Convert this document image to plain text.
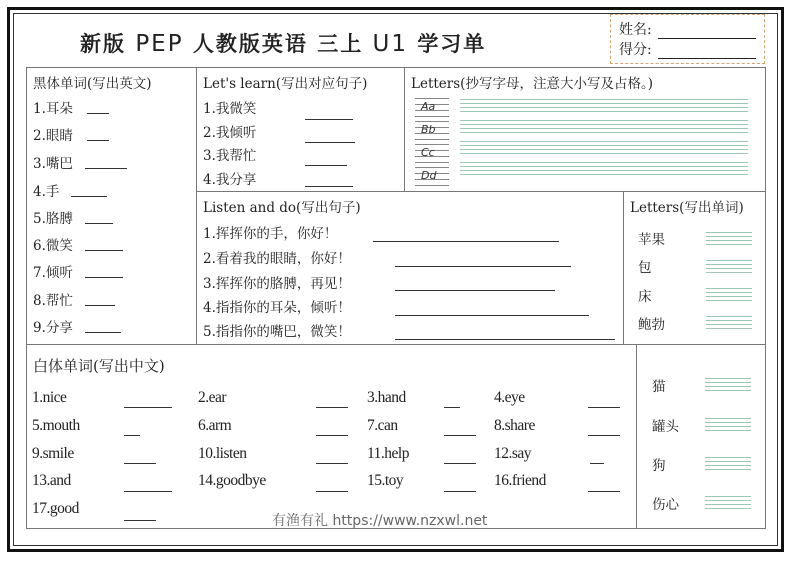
新版 PEP 人教版英语 三上 U1 学习单
姓名:
得分:
黑体单词(写出英文)
1.耳朵
2.眼睛
3.嘴巴
4.手
5.胳膊
6.微笑
7.倾听
8.帮忙
9.分享
Let's learn(写出对应句子)
1.我微笑
2.我倾听
3.我帮忙
4.我分享
Letters(抄写字母，注意大小写及占格。)
Aa
Bb
Cc
Dd
Listen and do(写出句子)
1.挥挥你的手，你好！
2.看着我的眼睛，你好！
3.挥挥你的胳膊，再见！
4.指指你的耳朵，倾听！
5.指指你的嘴巴，微笑！
Letters(写出单词)
苹果
包
床
鲍勃
白体单词(写出中文)
1.nice	2.ear	3.hand	4.eye
5.mouth	6.arm	7.can	8.share
9.smile	10.listen	11.help	12.say
13.and	14.goodbye	15.toy	16.friend
17.good
猫
罐头
狗
伤心
有渔有礼 https://www.nzxwl.net
